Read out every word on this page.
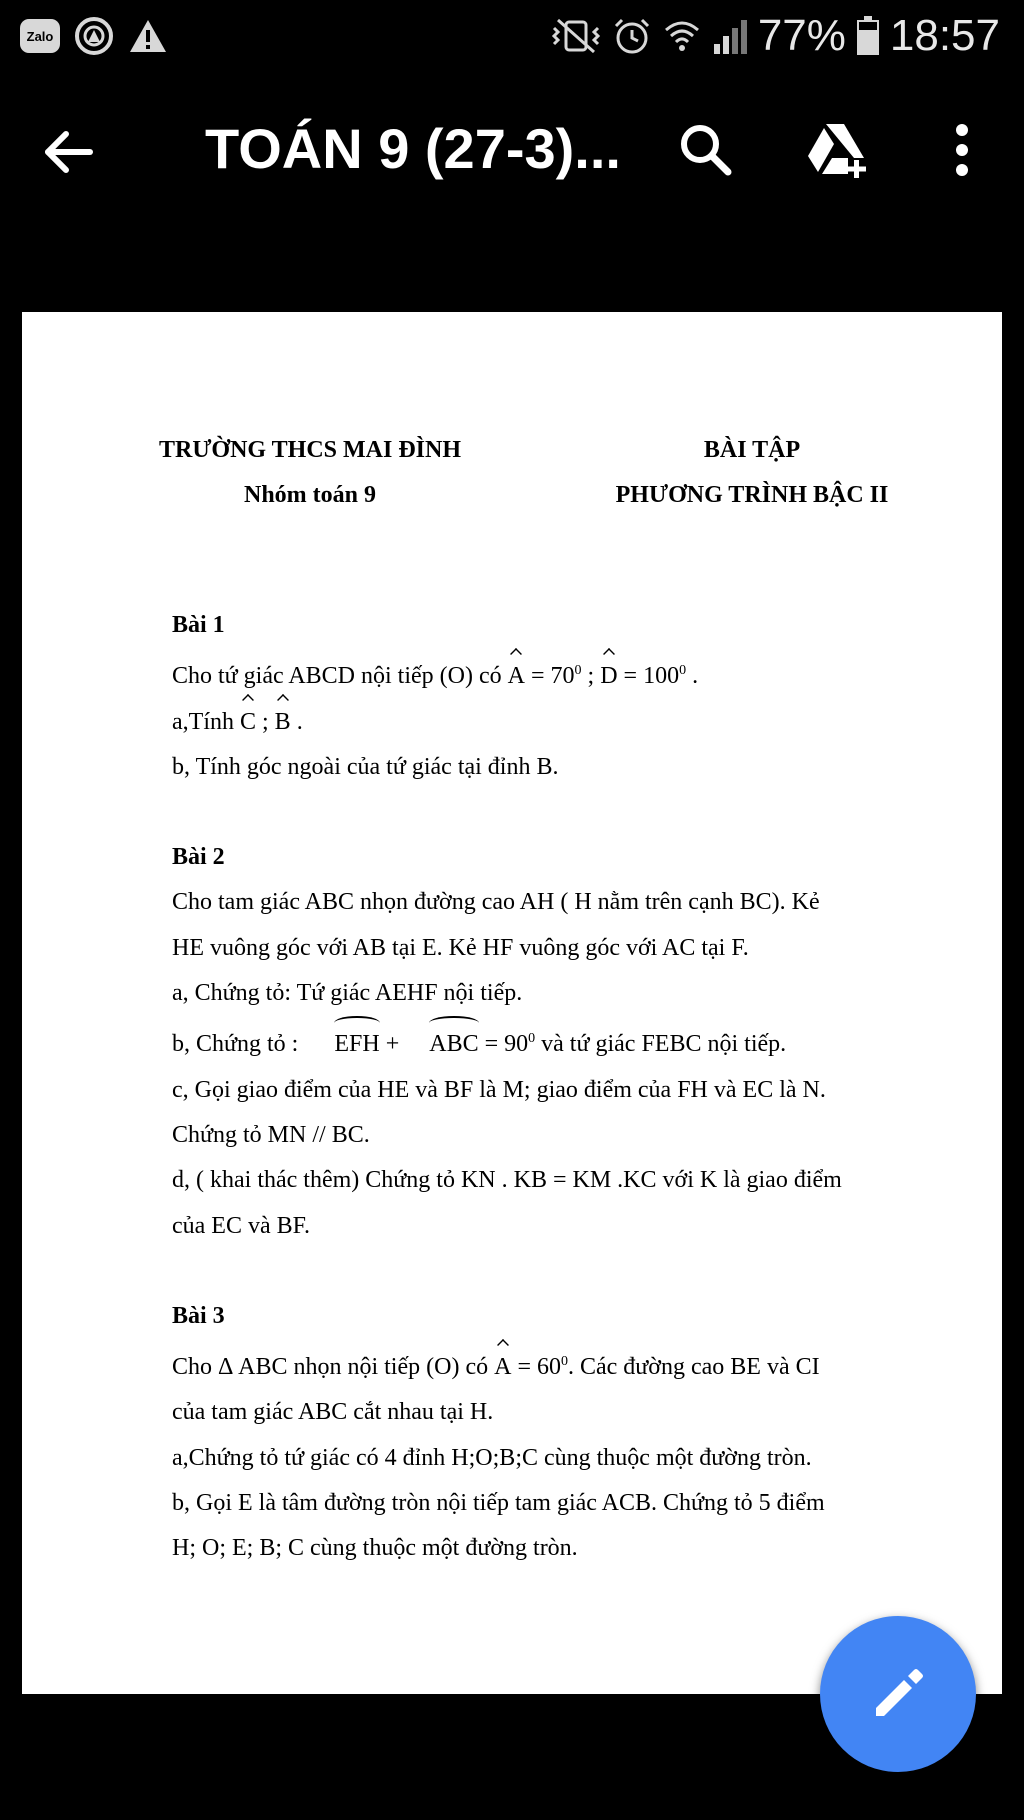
Zalo	77% 18:57
TOÁN 9 (27-3)...
TRƯỜNG THCS MAI ĐÌNH
Nhóm toán 9
BÀI TẬP
PHƯƠNG TRÌNH BẬC II

Bài 1

Cho tứ giác ABCD nội tiếp (O) có $A = 70^0$ ; $D = 100^0$ .

a,Tính C ; B .

b, Tính góc ngoài của tứ giác tại đỉnh B.

Bài 2

Cho tam giác ABC nhọn đường cao AH ( H nằm trên cạnh BC). Kẻ

HE vuông góc với AB tại E. Kẻ HF vuông góc với AC tại F.

a, Chứng tỏ: Tứ giác AEHF nội tiếp.

b, Chứng tỏ :      EFH +     ABC = $90^0$ và tứ giác FEBC nội tiếp.

c, Gọi giao điểm của HE và BF là M; giao điểm của FH và EC là N.

Chứng tỏ MN // BC.

d, ( khai thác thêm) Chứng tỏ KN . KB = KM .KC với K là giao điểm

của EC và BF.

Bài 3

Cho Δ ABC nhọn nội tiếp (O) có $A = 60^0$. Các đường cao BE và CI

của tam giác ABC cắt nhau tại H.

a,Chứng tỏ tứ giác có 4 đỉnh H;O;B;C cùng thuộc một đường tròn.

b, Gọi E là tâm đường tròn nội tiếp tam giác ACB. Chứng tỏ 5 điểm

H; O; E; B; C cùng thuộc một đường tròn.
